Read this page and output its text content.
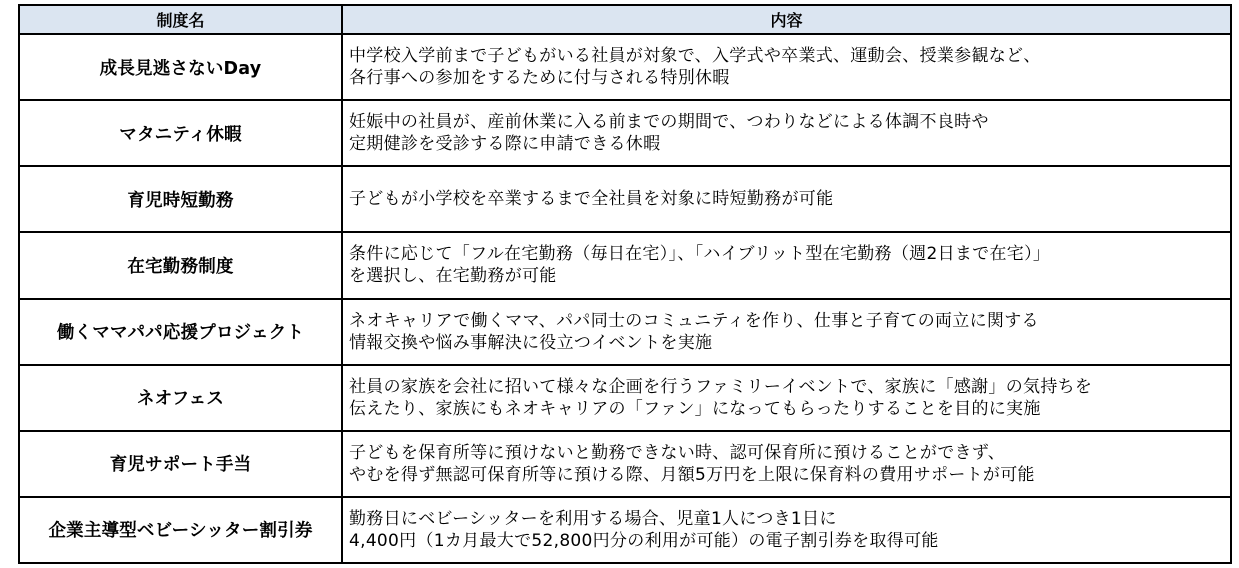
制度名	内容
成長見逃さないDay	中学校入学前まで子どもがいる社員が対象で、入学式や卒業式、運動会、授業参観など、
各行事への参加をするために付与される特別休暇

マタニティ休暇	妊娠中の社員が、産前休業に入る前までの期間で、つわりなどによる体調不良時や
定期健診を受診する際に申請できる休暇

育児時短勤務	子どもが小学校を卒業するまで全社員を対象に時短勤務が可能

在宅勤務制度	条件に応じて「フル在宅勤務（毎日在宅）」、「ハイブリット型在宅勤務（週2日まで在宅）」
を選択し、在宅勤務が可能

働くママパパ応援プロジェクト	ネオキャリアで働くママ、パパ同士のコミュニティを作り、仕事と子育ての両立に関する
情報交換や悩み事解決に役立つイベントを実施

ネオフェス	社員の家族を会社に招いて様々な企画を行うファミリーイベントで、家族に「感謝」の気持ちを
伝えたり、家族にもネオキャリアの「ファン」になってもらったりすることを目的に実施

育児サポート手当	子どもを保育所等に預けないと勤務できない時、認可保育所に預けることができず、
やむを得ず無認可保育所等に預ける際、月額5万円を上限に保育料の費用サポートが可能

企業主導型ベビーシッター割引券	勤務日にベビーシッターを利用する場合、児童1人につき1日に
4,400円（1カ月最大で52,800円分の利用が可能）の電子割引券を取得可能
